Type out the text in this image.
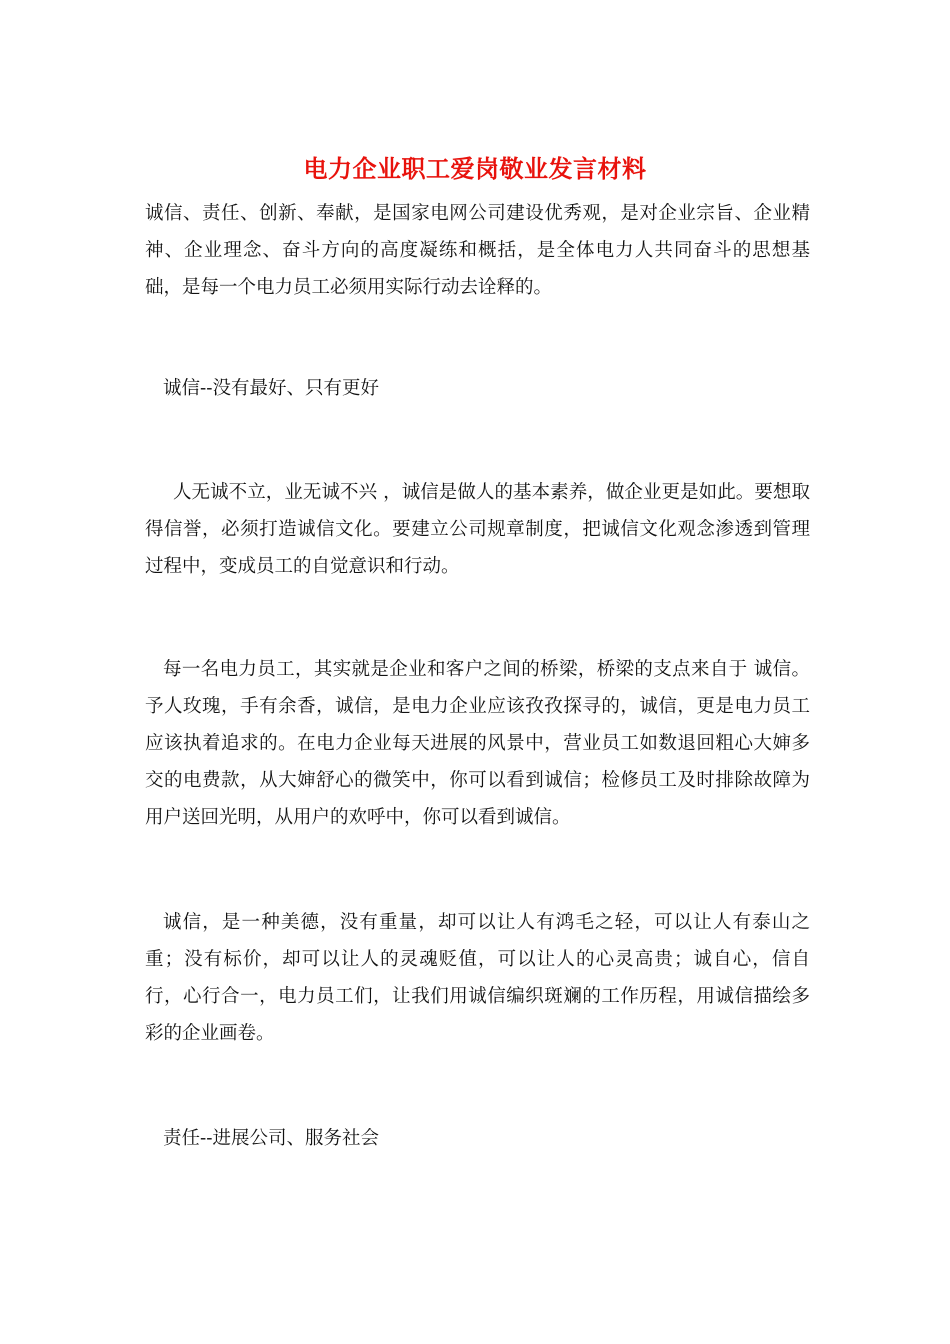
电力企业职工爱岗敬业发言材料

诚信、责任、创新、奉献，是国家电网公司建设优秀观，是对企业宗旨、企业精神、企业理念、奋斗方向的高度凝练和概括，是全体电力人共同奋斗的思想基础，是每一个电力员工必须用实际行动去诠释的。

诚信--没有最好、只有更好

人无诚不立，业无诚不兴 ，诚信是做人的基本素养，做企业更是如此。要想取得信誉，必须打造诚信文化。要建立公司规章制度，把诚信文化观念渗透到管理过程中，变成员工的自觉意识和行动。

每一名电力员工，其实就是企业和客户之间的桥梁，桥梁的支点来自于 诚信。予人玫瑰，手有余香，诚信，是电力企业应该孜孜探寻的，诚信，更是电力员工应该执着追求的。在电力企业每天进展的风景中，营业员工如数退回粗心大婶多交的电费款，从大婶舒心的微笑中，你可以看到诚信；检修员工及时排除故障为用户送回光明，从用户的欢呼中，你可以看到诚信。

诚信，是一种美德，没有重量，却可以让人有鸿毛之轻，可以让人有泰山之重；没有标价，却可以让人的灵魂贬值，可以让人的心灵高贵；诚自心，信自行，心行合一，电力员工们，让我们用诚信编织斑斓的工作历程，用诚信描绘多彩的企业画卷。

责任--进展公司、服务社会
